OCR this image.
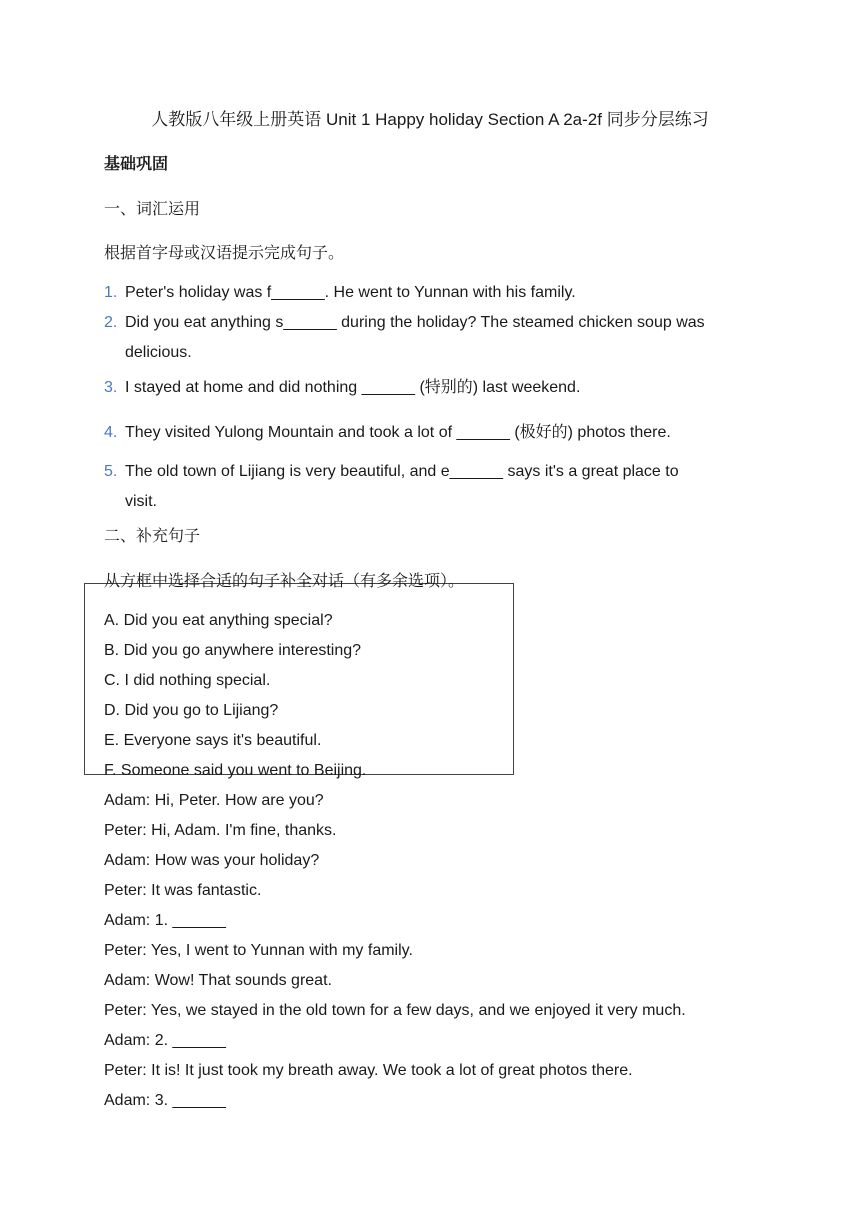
人教版八年级上册英语 Unit 1 Happy holiday Section A 2a-2f 同步分层练习
基础巩固
一、词汇运用
根据首字母或汉语提示完成句子。
1. Peter's holiday was f______. He went to Yunnan with his family.
2. Did you eat anything s______ during the holiday? The steamed chicken soup was
delicious.
3. I stayed at home and did nothing ______ (特别的) last weekend.
4. They visited Yulong Mountain and took a lot of ______ (极好的) photos there.
5. The old town of Lijiang is very beautiful, and e______ says it's a great place to
visit.
二、补充句子
从方框中选择合适的句子补全对话（有多余选项）。
A. Did you eat anything special?
B. Did you go anywhere interesting?
C. I did nothing special.
D. Did you go to Lijiang?
E. Everyone says it's beautiful.
F. Someone said you went to Beijing.
Adam: Hi, Peter. How are you?
Peter: Hi, Adam. I'm fine, thanks.
Adam: How was your holiday?
Peter: It was fantastic.
Adam: 1. ______
Peter: Yes, I went to Yunnan with my family.
Adam: Wow! That sounds great.
Peter: Yes, we stayed in the old town for a few days, and we enjoyed it very much.
Adam: 2. ______
Peter: It is! It just took my breath away. We took a lot of great photos there.
Adam: 3. ______
